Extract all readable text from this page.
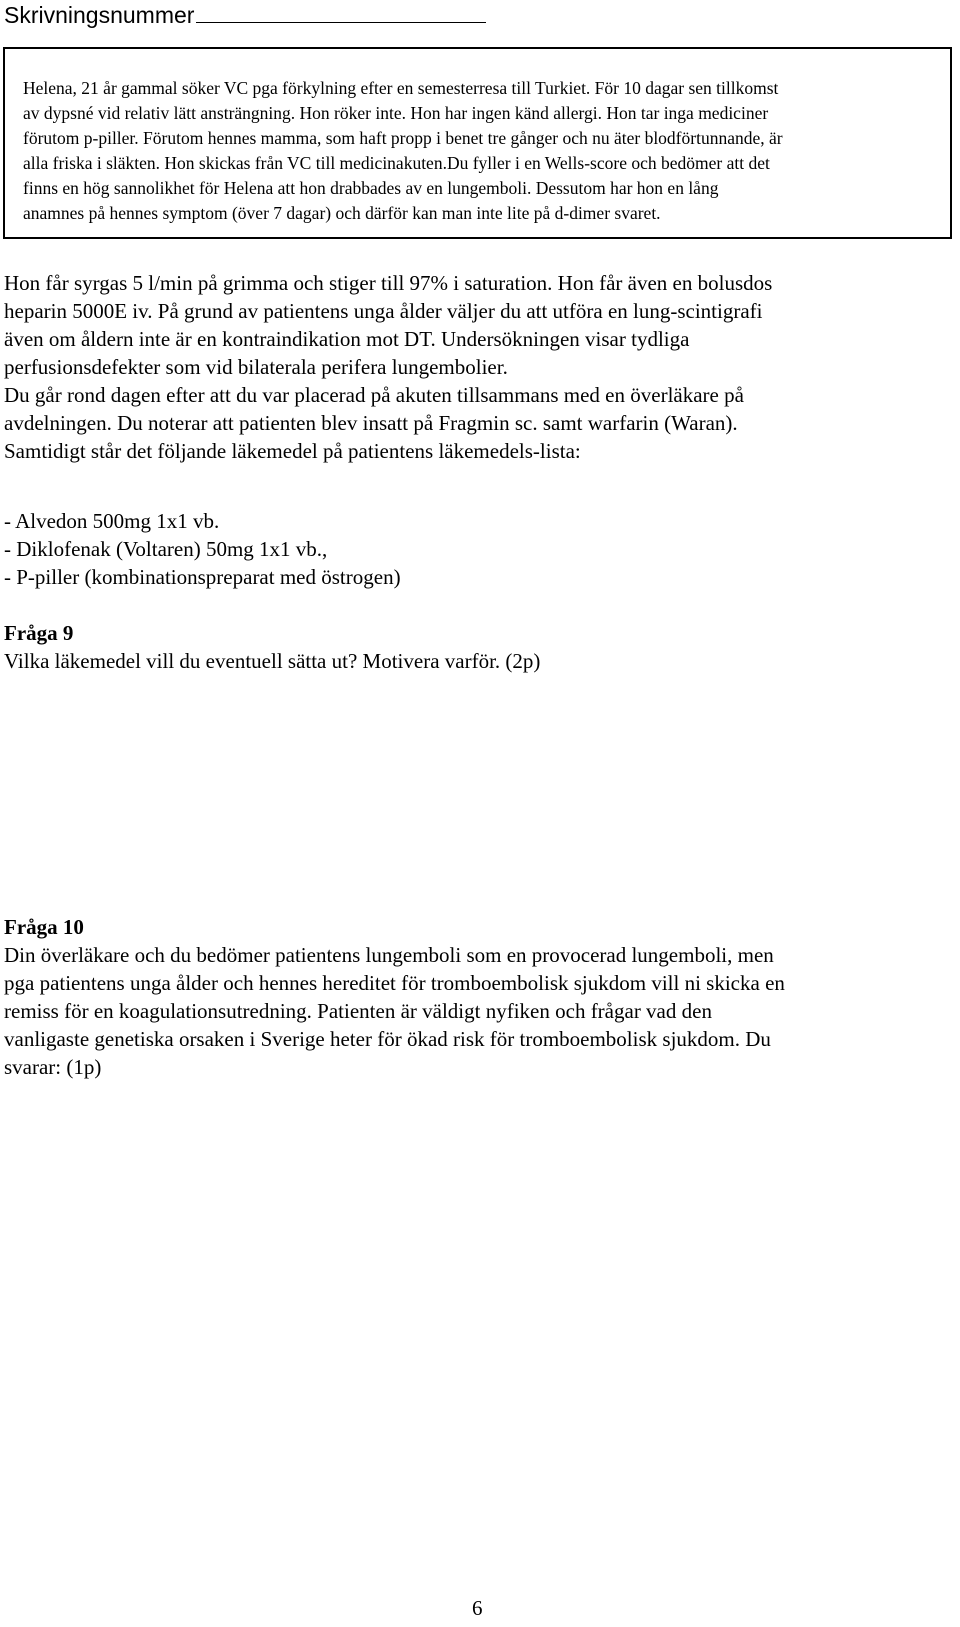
Skrivningsnummer
Helena, 21 år gammal söker VC pga förkylning efter en semesterresa till Turkiet. För 10 dagar sen tillkomst
av dypsné vid relativ lätt ansträngning. Hon röker inte. Hon har ingen känd allergi. Hon tar inga mediciner
förutom p-piller. Förutom hennes mamma, som haft propp i benet tre gånger och nu äter blodförtunnande, är
alla friska i släkten. Hon skickas från VC till medicinakuten.Du fyller i en Wells-score och bedömer att det
finns en hög sannolikhet för Helena att hon drabbades av en lungemboli. Dessutom har hon en lång
anamnes på hennes symptom (över 7 dagar) och därför kan man inte lite på d-dimer svaret.
Hon får syrgas 5 l/min på grimma och stiger till 97% i saturation. Hon får även en bolusdos
heparin 5000E iv. På grund av patientens unga ålder väljer du att utföra en lung-scintigrafi
även om åldern inte är en kontraindikation mot DT. Undersökningen visar tydliga
perfusionsdefekter som vid bilaterala perifera lungembolier.
Du går rond dagen efter att du var placerad på akuten tillsammans med en överläkare på
avdelningen. Du noterar att patienten blev insatt på Fragmin sc. samt warfarin (Waran).
Samtidigt står det följande läkemedel på patientens läkemedels-lista:
- Alvedon 500mg 1x1 vb.
- Diklofenak (Voltaren) 50mg 1x1 vb.,
- P-piller (kombinationspreparat med östrogen)
Fråga 9
Vilka läkemedel vill du eventuell sätta ut? Motivera varför. (2p)
Fråga 10
Din överläkare och du bedömer patientens lungemboli som en provocerad lungemboli, men
pga patientens unga ålder och hennes hereditet för tromboembolisk sjukdom vill ni skicka en
remiss för en koagulationsutredning. Patienten är väldigt nyfiken och frågar vad den
vanligaste genetiska orsaken i Sverige heter för ökad risk för tromboembolisk sjukdom. Du
svarar: (1p)
6
